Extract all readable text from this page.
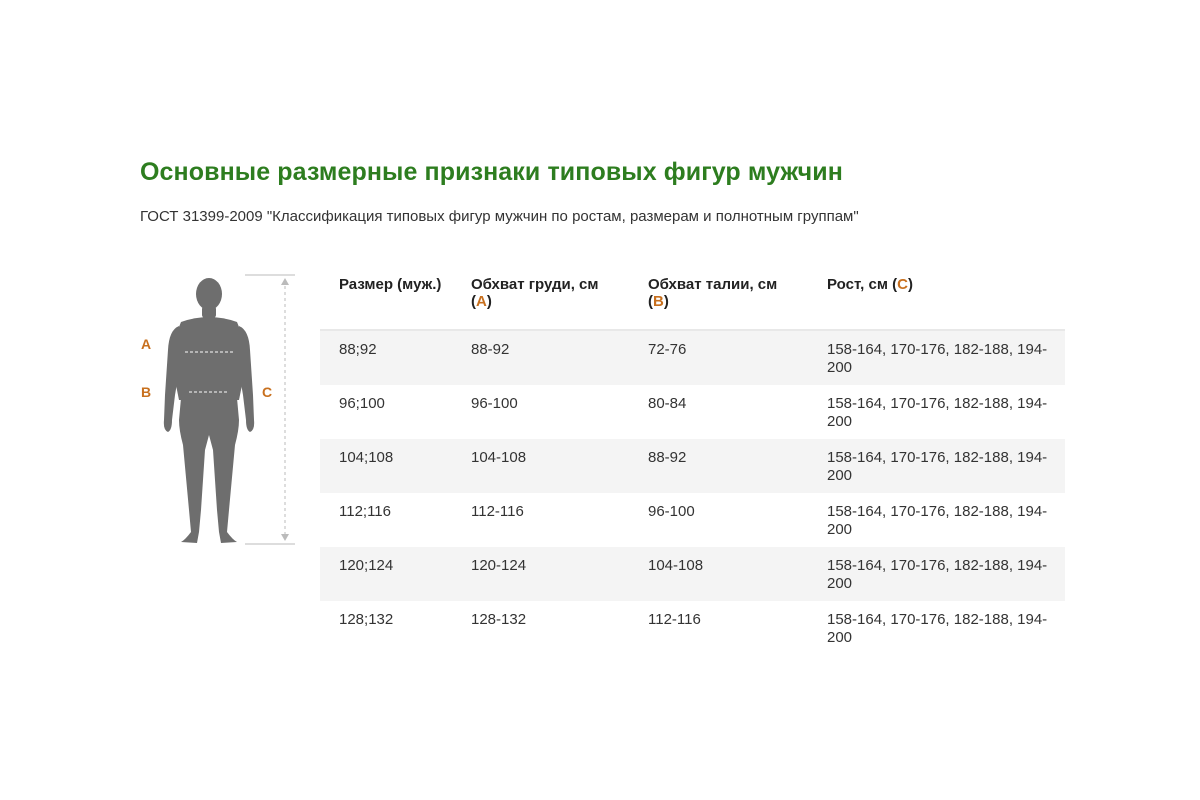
Основные размерные признаки типовых фигур мужчин

ГОСТ 31399-2009 "Классификация типовых фигур мужчин по ростам, размерам и полнотным группам"

A
B	C
Размер (муж.)	Обхват груди, см (А)	Обхват талии, см (В)	Рост, см (С)
88;92	88-92	72-76	158-164, 170-176, 182-188, 194-200
96;100	96-100	80-84	158-164, 170-176, 182-188, 194-200
104;108	104-108	88-92	158-164, 170-176, 182-188, 194-200
112;116	112-116	96-100	158-164, 170-176, 182-188, 194-200
120;124	120-124	104-108	158-164, 170-176, 182-188, 194-200
128;132	128-132	112-116	158-164, 170-176, 182-188, 194-200
